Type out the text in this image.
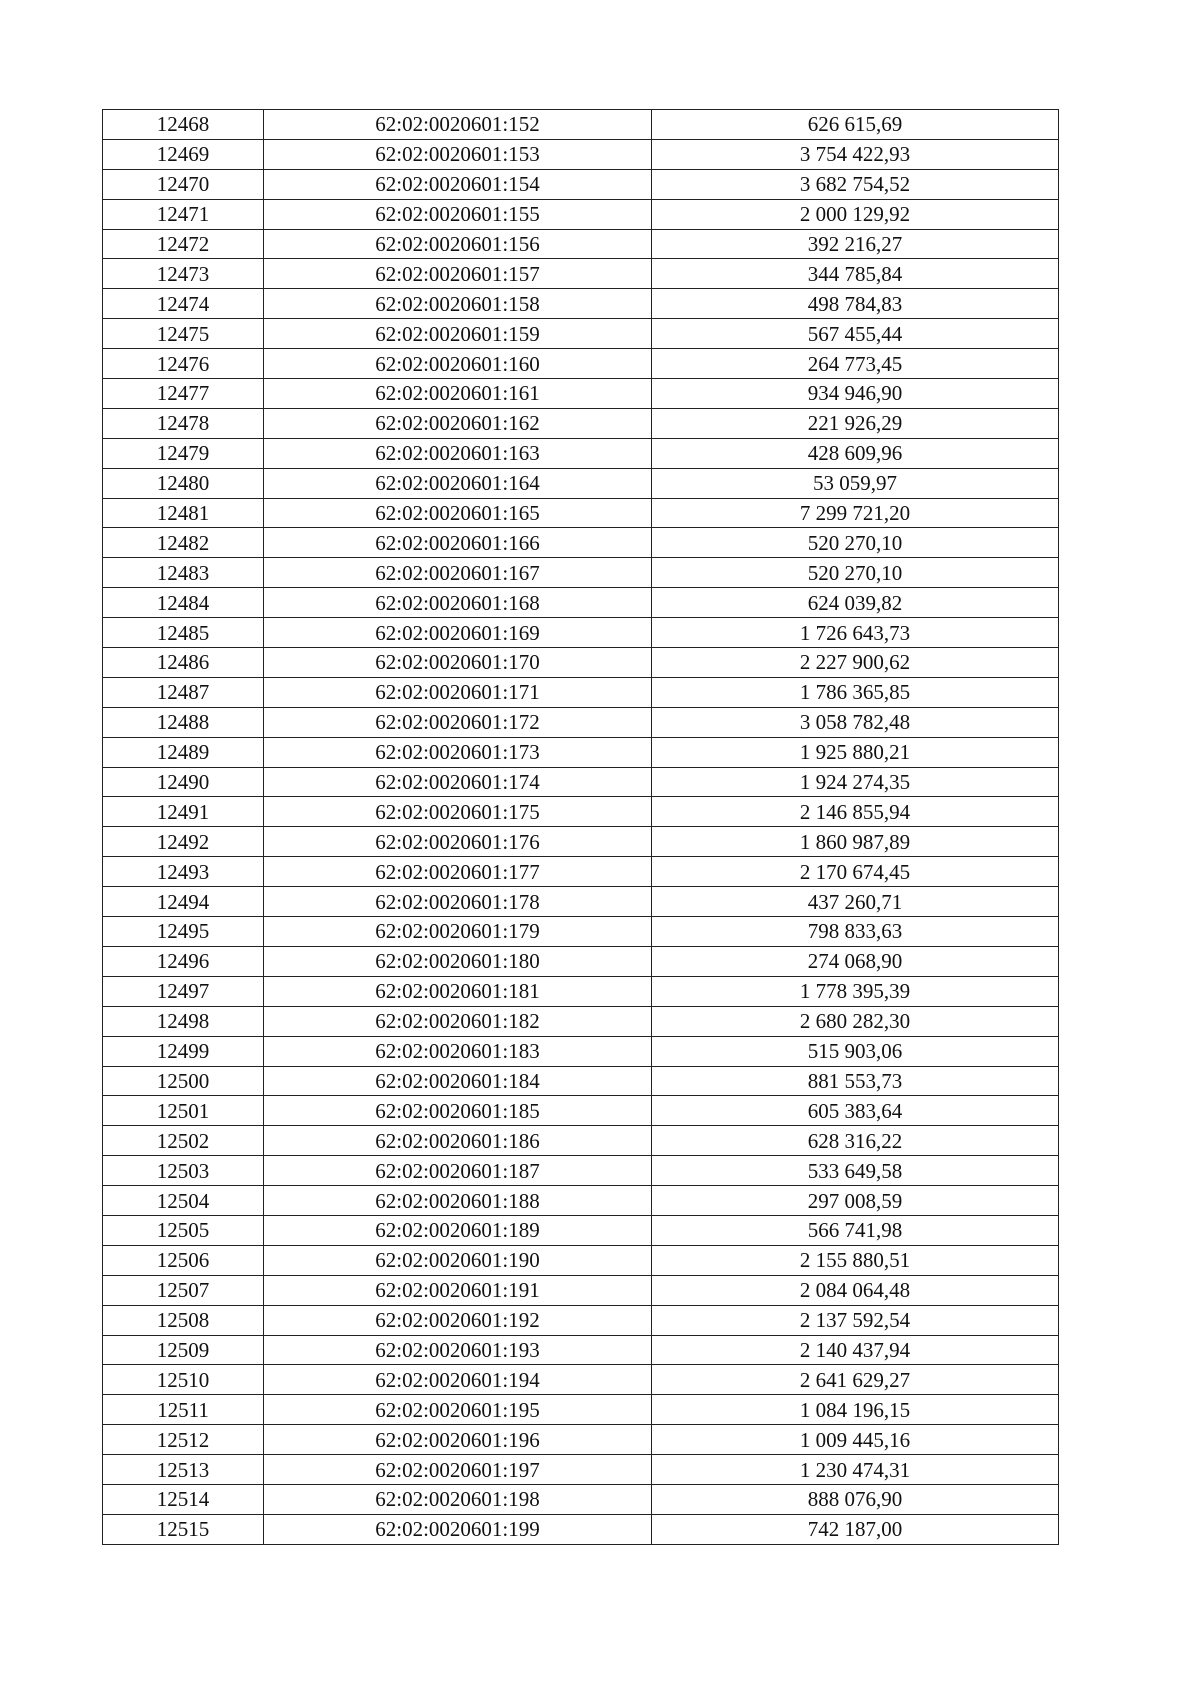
12468	62:02:0020601:152	626 615,69
12469	62:02:0020601:153	3 754 422,93
12470	62:02:0020601:154	3 682 754,52
12471	62:02:0020601:155	2 000 129,92
12472	62:02:0020601:156	392 216,27
12473	62:02:0020601:157	344 785,84
12474	62:02:0020601:158	498 784,83
12475	62:02:0020601:159	567 455,44
12476	62:02:0020601:160	264 773,45
12477	62:02:0020601:161	934 946,90
12478	62:02:0020601:162	221 926,29
12479	62:02:0020601:163	428 609,96
12480	62:02:0020601:164	53 059,97
12481	62:02:0020601:165	7 299 721,20
12482	62:02:0020601:166	520 270,10
12483	62:02:0020601:167	520 270,10
12484	62:02:0020601:168	624 039,82
12485	62:02:0020601:169	1 726 643,73
12486	62:02:0020601:170	2 227 900,62
12487	62:02:0020601:171	1 786 365,85
12488	62:02:0020601:172	3 058 782,48
12489	62:02:0020601:173	1 925 880,21
12490	62:02:0020601:174	1 924 274,35
12491	62:02:0020601:175	2 146 855,94
12492	62:02:0020601:176	1 860 987,89
12493	62:02:0020601:177	2 170 674,45
12494	62:02:0020601:178	437 260,71
12495	62:02:0020601:179	798 833,63
12496	62:02:0020601:180	274 068,90
12497	62:02:0020601:181	1 778 395,39
12498	62:02:0020601:182	2 680 282,30
12499	62:02:0020601:183	515 903,06
12500	62:02:0020601:184	881 553,73
12501	62:02:0020601:185	605 383,64
12502	62:02:0020601:186	628 316,22
12503	62:02:0020601:187	533 649,58
12504	62:02:0020601:188	297 008,59
12505	62:02:0020601:189	566 741,98
12506	62:02:0020601:190	2 155 880,51
12507	62:02:0020601:191	2 084 064,48
12508	62:02:0020601:192	2 137 592,54
12509	62:02:0020601:193	2 140 437,94
12510	62:02:0020601:194	2 641 629,27
12511	62:02:0020601:195	1 084 196,15
12512	62:02:0020601:196	1 009 445,16
12513	62:02:0020601:197	1 230 474,31
12514	62:02:0020601:198	888 076,90
12515	62:02:0020601:199	742 187,00
